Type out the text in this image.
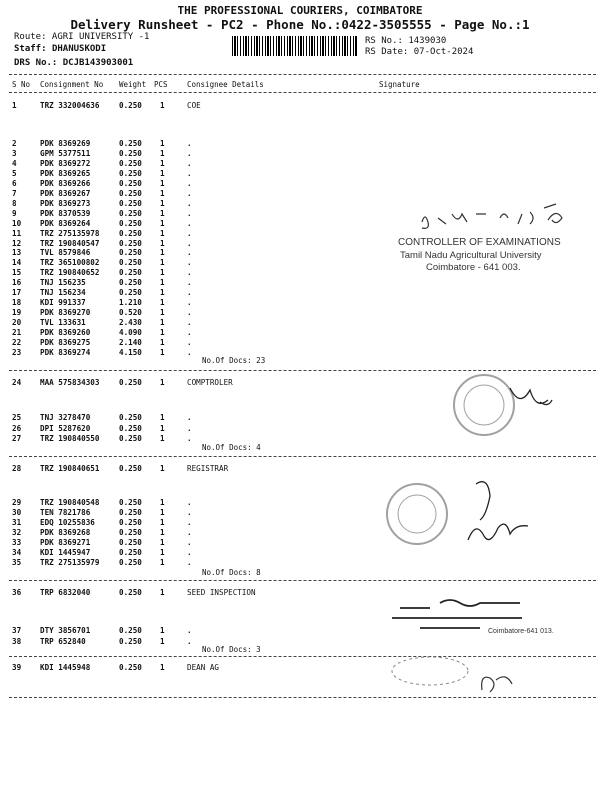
THE PROFESSIONAL COURIERS, COIMBATORE
Delivery Runsheet - PC2 - Phone No.:0422-3505555 - Page No.:1
Route: AGRI UNIVERSITY -1
Staff: DHANUSKODI
DRS No.: DCJB143903001
RS No.: 1439030
RS Date: 07-Oct-2024
S No Consignment No Weight PCS	Consignee Details	Signature
1	TRZ 332004636	0.250 1	COE
2	PDK 8369269	0.250 1	.
3	GPM 5377511	0.250 1	.
4	PDK 8369272	0.250 1	.
5	PDK 8369265	0.250 1	.
6	PDK 8369266	0.250 1	.
7	PDK 8369267	0.250 1	.
8	PDK 8369273	0.250 1	.
9	PDK 8370539	0.250 1	.
10 PDK 8369264	0.250 1	.
11 TRZ 275135978	0.250 1	.
12 TRZ 190840547	0.250 1	.
13 TVL 8579846	0.250 1	.
14 TRZ 365100802	0.250 1	.
15 TRZ 190840652	0.250 1	.
16 TNJ 156235	0.250 1	.
17 TNJ 156234	0.250 1	.
18 KDI 991337	1.210 1	.
19 PDK 8369270	0.520 1	.
20 TVL 133631	2.430 1	.
21 PDK 8369260	4.090 1	.
22 PDK 8369275	2.140 1	.
23 PDK 8369274	4.150 1	.
No.Of Docs: 23
24 MAA 575834303	0.250 1	COMPTROLER
25 TNJ 3278470	0.250 1	.
26 DPI 5287620	0.250 1	.
27 TRZ 190840550	0.250 1	.
No.Of Docs: 4
28 TRZ 190840651	0.250 1	REGISTRAR
29 TRZ 190840548	0.250 1	.
30 TEN 7821786	0.250 1	.
31 EDQ 10255836	0.250 1	.
32 PDK 8369268	0.250 1	.
33 PDK 8369271	0.250 1	.
34 KDI 1445947	0.250 1	.
35 TRZ 275135979	0.250 1	.
No.Of Docs: 8
36 TRP 6832040	0.250 1	SEED INSPECTION
37 DTY 3856701	0.250 1	.
38 TRP 652840	0.250 1	.
No.Of Docs: 3
39 KDI 1445948	0.250 1	DEAN AG
CONTROLLER OF EXAMINATIONS
Tamil Nadu Agricultural University
Coimbatore - 641 003.
Coimbatore-641 013.
